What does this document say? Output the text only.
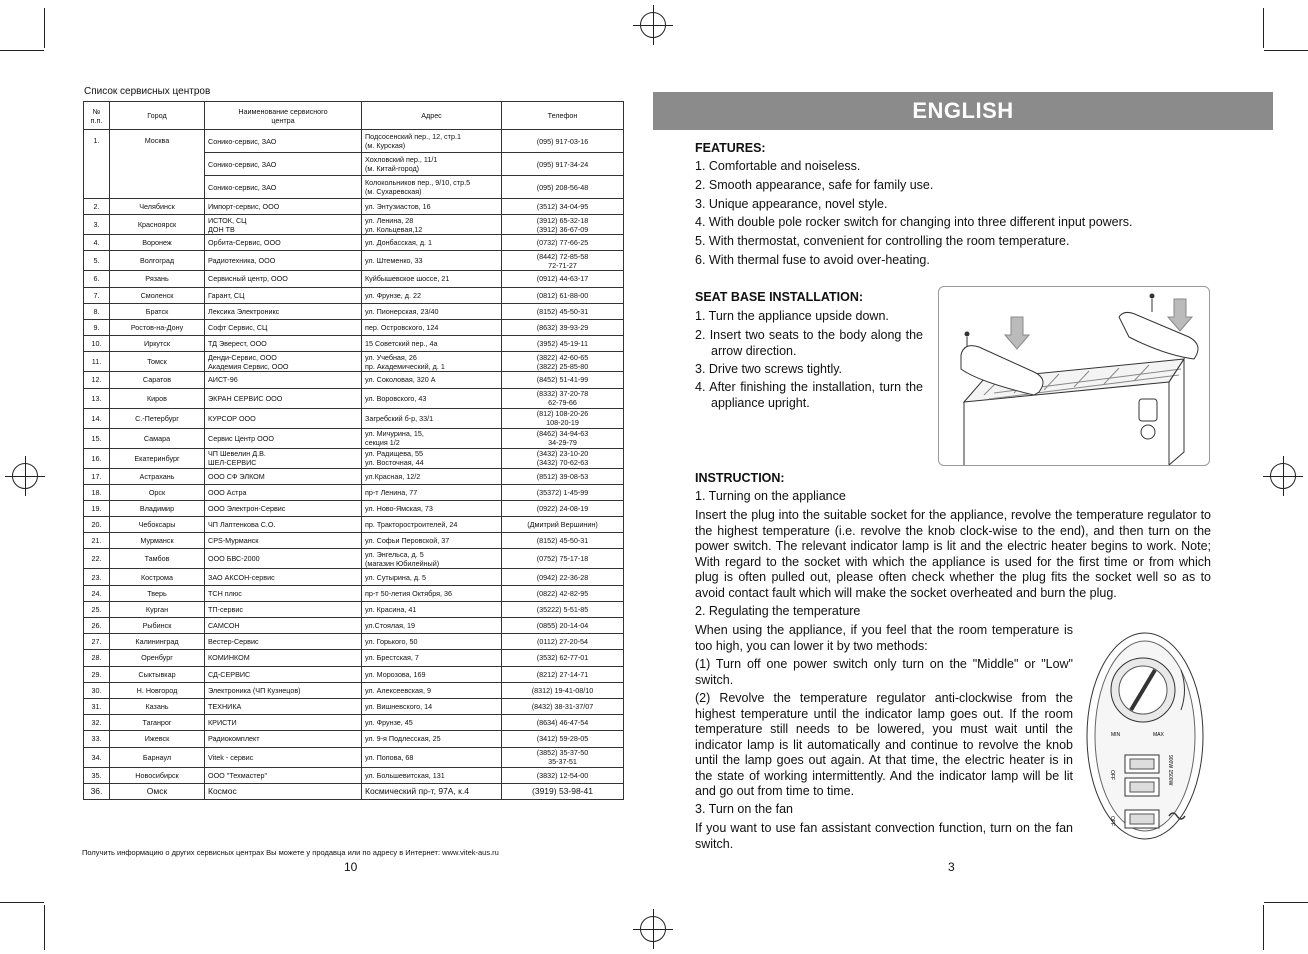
Список сервисных центров
№
п.п.	Город	Наименование сервисного
центра	Адрес	Телефон
1.	Москва	Сонико-сервис, ЗАО	Подсосенский пер., 12, стр.1
(м. Курская)	(095) 917-03-16
		Сонико-сервис, ЗАО	Хохловский пер., 11/1
(м. Китай-город)	(095) 917-34-24
		Сонико-сервис, ЗАО	Колокольников пер., 9/10, стр.5
(м. Сухаревская)	(095) 208-56-48
2.	Челябинск	Импорт-сервис, ООО	ул. Энтузиастов, 16	(3512) 34-04-95
3.	Красноярск	ИСТОК, СЦ
ДОН ТВ	ул. Ленина, 28
ул. Кольцевая,12	(3912) 65-32-18
(3912) 36-67-09
4.	Воронеж	Орбита-Сервис, ООО	ул. Донбасская, д. 1	(0732) 77-66-25
5.	Волгоград	Радиотехника, ООО	ул. Штеменко, 33	(8442) 72-85-58
72-71-27
6.	Рязань	Сервисный центр, ООО	Куйбышевское шоссе, 21	(0912) 44-63-17
7.	Смоленск	Гарант, СЦ	ул. Фрунзе, д. 22	(0812) 61-88-00
8.	Братск	Лексика Электроникс	ул. Пионерская, 23/40	(8152) 45-50-31
9.	Ростов-на-Дону	Софт Сервис, СЦ	пер. Островского, 124	(8632) 39-93-29
10.	Иркутск	ТД Эверест, ООО	15 Советский пер., 4а	(3952) 45-19-11
11.	Томск	Денди-Сервис, ООО
Академия Сервис, ООО	ул. Учебная, 26
пр. Академический, д. 1	(3822) 42-60-65
(3822) 25-85-80
12.	Саратов	АИСТ-96	ул. Соколовая, 320 А	(8452) 51-41-99
13.	Киров	ЭКРАН СЕРВИС ООО	ул. Воровского, 43	(8332) 37-20-78
62-79-66
14.	С.-Петербург	КУРСОР ООО	Загребский б-р, 33/1	(812) 108-20-26
108-20-19
15.	Самара	Сервис Центр ООО	ул. Мичурина, 15,
секция 1/2	(8462) 34-94-63
34-29-79
16.	Екатеринбург	ЧП Шевелин Д.В.
ШЕЛ-СЕРВИС	ул. Радищева, 55
ул. Восточная, 44	(3432) 23-10-20
(3432) 70-62-63
17.	Астрахань	ООО СФ ЭЛКОМ	ул.Красная, 12/2	(8512) 39-08-53
18.	Орск	ООО Астра	пр-т Ленина, 77	(35372) 1-45-99
19.	Владимир	ООО Электрон-Сервис	ул. Ново-Ямская, 73	(0922) 24-08-19
20.	Чебоксары	ЧП Лаптенкова С.О.	пр. Тракторостроителей, 24	(Дмитрий Вершинин)
21.	Мурманск	CPS-Мурманск	ул. Софьи Перовской, 37	(8152) 45-50-31
22.	Тамбов	ООО БВС-2000	ул. Энгельса, д. 5
(магазин Юбилейный)	(0752) 75-17-18
23.	Кострома	ЗАО АКСОН-сервис	ул. Сутырина, д. 5	(0942) 22-36-28
24.	Тверь	ТСН плюс	пр-т 50-летия Октября, 36	(0822) 42-82-95
25.	Курган	ТП-сервис	ул. Красина, 41	(35222) 5-51-85
26.	Рыбинск	САМСОН	ул.Стоялая, 19	(0855) 20-14-04
27.	Калининград	Вестер-Сервис	ул. Горького, 50	(0112) 27-20-54
28.	Оренбург	КОМИНКОМ	ул. Брестская, 7	(3532) 62-77-01
29.	Сыктывкар	СД-СЕРВИС	ул. Морозова, 169	(8212) 27-14-71
30.	Н. Новгород	Электроника (ЧП Кузнецов)	ул. Алексеевская, 9	(8312) 19-41-08/10
31.	Казань	ТЕХНИКА	ул. Вишневского, 14	(8432) 38-31-37/07
32.	Таганрог	КРИСТИ	ул. Фрунзе, 45	(8634) 46-47-54
33.	Ижевск	Радиокомплект	ул. 9-я Подлесская, 25	(3412) 59-28-05
34.	Барнаул	Vitek - сервис	ул. Попова, 68	(3852) 35-37-50
35-37-51
35.	Новосибирск	ООО "Техмастер"	ул. Большевитская, 131	(3832) 12-54-00
36.	Омск	Космос	Космический пр-т, 97А, к.4	(3919) 53-98-41
Получить информацию о других сервисных центрах Вы можете у продавца или по адресу в Интернет: www.vitek-aus.ru
10
ENGLISH
FEATURES:
1. Comfortable and noiseless.
2. Smooth appearance, safe for family use.
3. Unique appearance, novel style.
4. With double pole rocker switch for changing into three different input powers.
5. With thermostat, convenient for controlling the room temperature.
6. With thermal fuse to avoid over-heating.
SEAT BASE INSTALLATION:
1. Turn the appliance upside down.
2. Insert two seats to the body along the arrow direction.
3. Drive two screws tightly.
4. After finishing the installation, turn the appliance upright.
INSTRUCTION:
1. Turning on the appliance
Insert the plug into the suitable socket for the appliance, revolve the temperature regulator to the highest temperature (i.e. revolve the knob clock-wise to the end), and then turn on the power switch. The relevant indicator lamp is lit and the electric heater begins to work. Note; With regard to the socket with which the appliance is used for the first time or from which plug is often pulled out, please often check whether the plug fits the socket well so as to avoid contact fault which will make the socket overheated and burn the plug.
2. Regulating the temperature
When using the appliance, if you feel that the room temperature is too high, you can lower it by two methods:
(1) Turn off one power switch only turn on the "Middle" or "Low" switch.
(2) Revolve the temperature regulator anti-clockwise from the highest temperature until the indicator lamp goes out. If the room temperature still needs to be lowered, you must wait until the indicator lamp is lit automatically and continue to revolve the knob until the lamp goes out again. At that time, the electric heater is in the state of working intermittently. And the indicator lamp will be lit and go out from time to time.
3. Turn on the fan
If you want to use fan assistant convection function, turn on the fan switch.
MIN	MAX
OFF
OFF
900W 1500W
3
